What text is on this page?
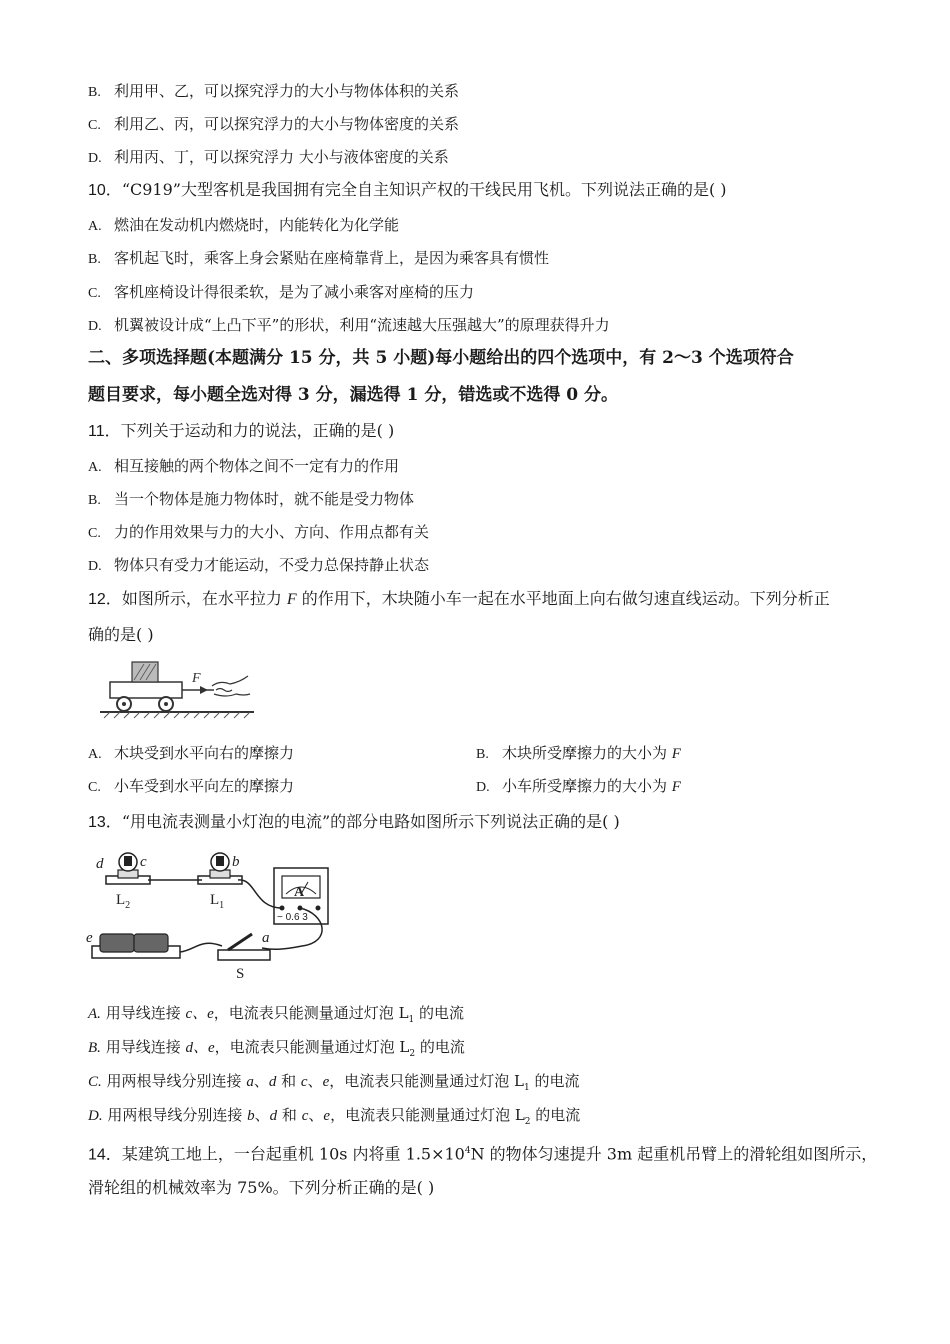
B. 利用甲、乙，可以探究浮力的大小与物体体积的关系
C. 利用乙、丙，可以探究浮力的大小与物体密度的关系
D. 利用丙、丁，可以探究浮力 大小与液体密度的关系
10．“C919”大型客机是我国拥有完全自主知识产权的干线民用飞机。下列说法正确的是( )
A. 燃油在发动机内燃烧时，内能转化为化学能
B. 客机起飞时，乘客上身会紧贴在座椅靠背上，是因为乘客具有惯性
C. 客机座椅设计得很柔软，是为了减小乘客对座椅的压力
D. 机翼被设计成“上凸下平”的形状，利用“流速越大压强越大”的原理获得升力
二、多项选择题(本题满分 15 分，共 5 小题)每小题给出的四个选项中，有 2～3 个选项符合
题目要求，每小题全选对得 3 分，漏选得 1 分，错选或不选得 0 分。
11．下列关于运动和力的说法，正确的是( )
A. 相互接触的两个物体之间不一定有力的作用
B. 当一个物体是施力物体时，就不能是受力物体
C. 力的作用效果与力的大小、方向、作用点都有关
D. 物体只有受力才能运动，不受力总保持静止状态
12．如图所示，在水平拉力 F 的作用下，木块随小车一起在水平地面上向右做匀速直线运动。下列分析正
确的是( )
F
A. 木块受到水平向右的摩擦力	B. 木块所受摩擦力的大小为 F
C. 小车受到水平向左的摩擦力	D. 小车所受摩擦力的大小为 F
13．“用电流表测量小灯泡的电流”的部分电路如图所示下列说法正确的是( )
d c
$L_2$
b
$L_1$
A
− 0.6 3
e	a
S
A. 用导线连接 c、e，电流表只能测量通过灯泡 $L_1$ 的电流
B. 用导线连接 d、e，电流表只能测量通过灯泡 $L_2$ 的电流
C. 用两根导线分别连接 a、d 和 c、e，电流表只能测量通过灯泡 $L_1$ 的电流
D. 用两根导线分别连接 b、d 和 c、e，电流表只能测量通过灯泡 $L_2$ 的电流
14．某建筑工地上，一台起重机 10s 内将重 $1.5\times 10^4N$ 的物体匀速提升 3m 起重机吊臂上的滑轮组如图所示，
滑轮组的机械效率为 75%。下列分析正确的是( )
